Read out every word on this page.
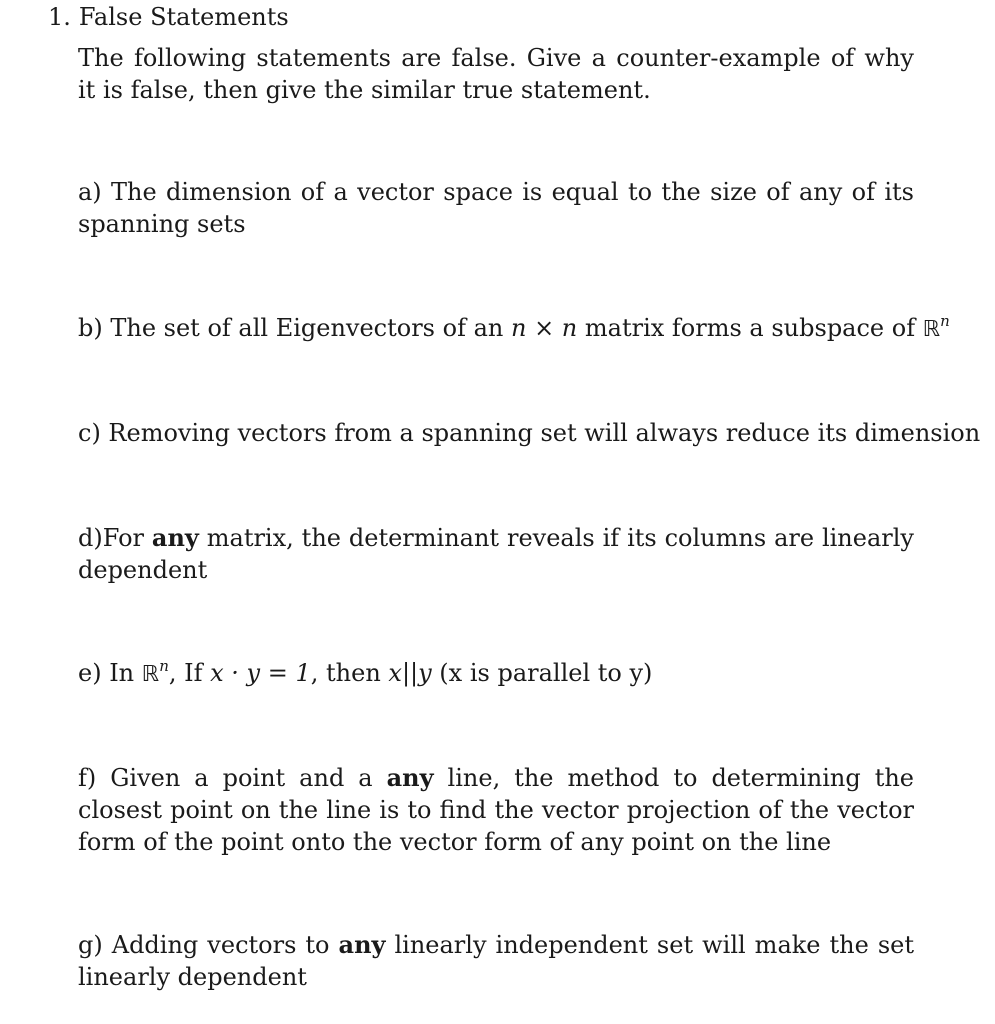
1. False Statements
The following statements are false. Give a counter-example of why it is false, then give the similar true statement.
a) The dimension of a vector space is equal to the size of any of its spanning sets
b) The set of all Eigenvectors of an n × n matrix forms a subspace of ℝ$^n$
c) Removing vectors from a spanning set will always reduce its dimension
d)For any matrix, the determinant reveals if its columns are linearly dependent
e) In ℝ$^n$, If x · y = 1, then x||y (x is parallel to y)
f) Given a point and a any line, the method to determining the closest point on the line is to find the vector projection of the vector form of the point onto the vector form of any point on the line
g) Adding vectors to any linearly independent set will make the set linearly dependent
